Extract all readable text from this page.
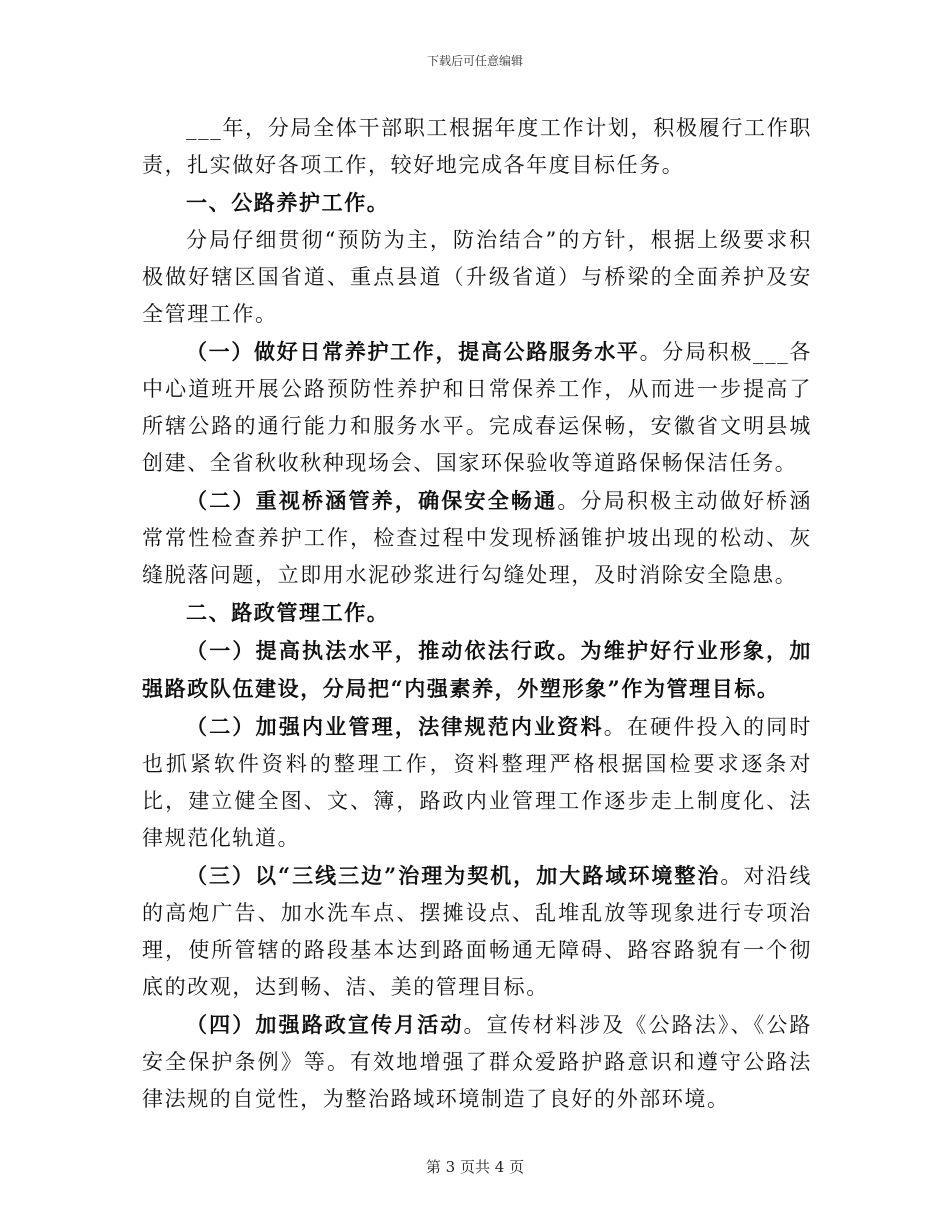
下载后可任意编辑

___年，分局全体干部职工根据年度工作计划，积极履行工作职责，扎实做好各项工作，较好地完成各年度目标任务。

一、公路养护工作。

分局仔细贯彻“预防为主，防治结合”的方针，根据上级要求积极做好辖区国省道、重点县道（升级省道）与桥梁的全面养护及安全管理工作。

（一）做好日常养护工作，提高公路服务水平。分局积极___各中心道班开展公路预防性养护和日常保养工作，从而进一步提高了所辖公路的通行能力和服务水平。完成春运保畅，安徽省文明县城创建、全省秋收秋种现场会、国家环保验收等道路保畅保洁任务。

（二）重视桥涵管养，确保安全畅通。分局积极主动做好桥涵常常性检查养护工作，检查过程中发现桥涵锥护坡出现的松动、灰缝脱落问题，立即用水泥砂浆进行勾缝处理，及时消除安全隐患。

二、路政管理工作。

（一）提高执法水平，推动依法行政。为维护好行业形象，加强路政队伍建设，分局把“内强素养，外塑形象”作为管理目标。

（二）加强内业管理，法律规范内业资料。在硬件投入的同时也抓紧软件资料的整理工作，资料整理严格根据国检要求逐条对比，建立健全图、文、簿，路政内业管理工作逐步走上制度化、法律规范化轨道。

（三）以“三线三边”治理为契机，加大路域环境整治。对沿线的高炮广告、加水洗车点、摆摊设点、乱堆乱放等现象进行专项治理，使所管辖的路段基本达到路面畅通无障碍、路容路貌有一个彻底的改观，达到畅、洁、美的管理目标。

（四）加强路政宣传月活动。宣传材料涉及《公路法》、《公路安全保护条例》等。有效地增强了群众爱路护路意识和遵守公路法律法规的自觉性，为整治路域环境制造了良好的外部环境。

第 3 页共 4 页
